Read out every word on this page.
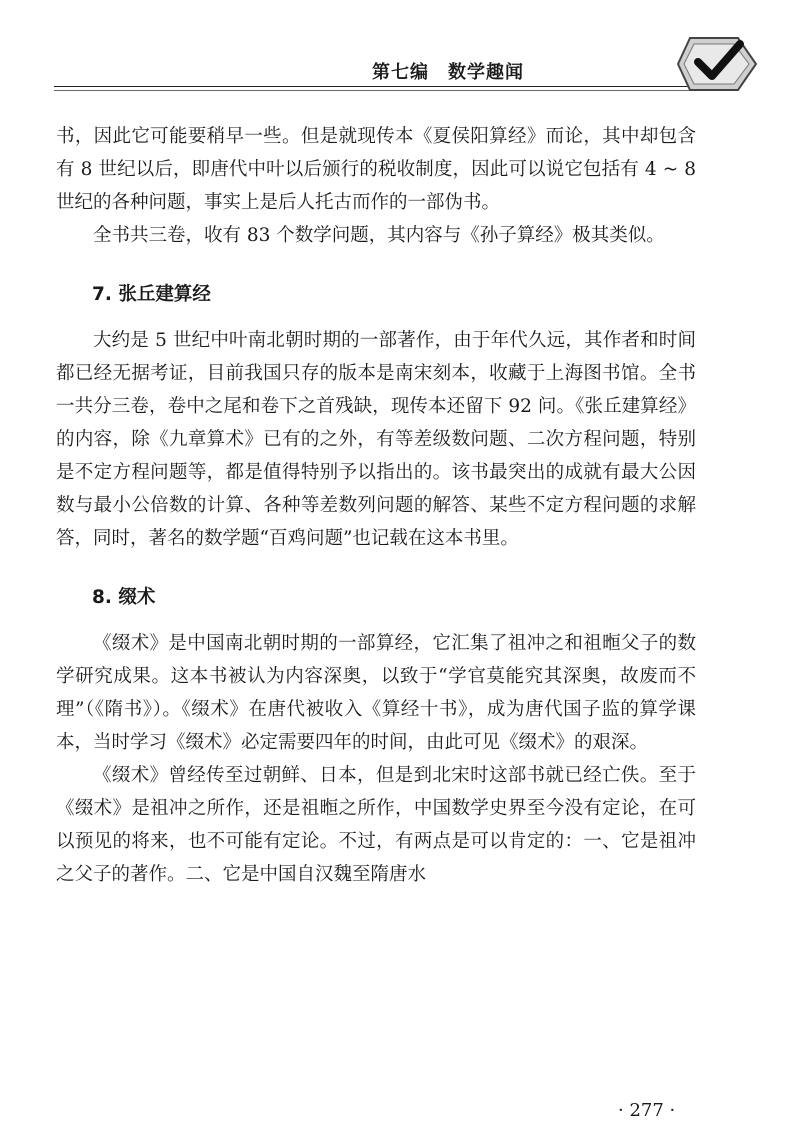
第七编　数学趣闻

书，因此它可能要稍早一些。但是就现传本《夏侯阳算经》而论，其中却包含有 8 世纪以后，即唐代中叶以后颁行的税收制度，因此可以说它包括有 4 ~ 8 世纪的各种问题，事实上是后人托古而作的一部伪书。

全书共三卷，收有 83 个数学问题，其内容与《孙子算经》极其类似。

7. 张丘建算经

大约是 5 世纪中叶南北朝时期的一部著作，由于年代久远，其作者和时间都已经无据考证，目前我国只存的版本是南宋刻本，收藏于上海图书馆。全书一共分三卷，卷中之尾和卷下之首残缺，现传本还留下 92 问。《张丘建算经》的内容，除《九章算术》已有的之外，有等差级数问题、二次方程问题，特别是不定方程问题等，都是值得特别予以指出的。该书最突出的成就有最大公因数与最小公倍数的计算、各种等差数列问题的解答、某些不定方程问题的求解答，同时，著名的数学题“百鸡问题”也记载在这本书里。

8. 缀术

《缀术》是中国南北朝时期的一部算经，它汇集了祖冲之和祖暅父子的数学研究成果。这本书被认为内容深奥，以致于“学官莫能究其深奥，故废而不理”（《隋书》）。《缀术》在唐代被收入《算经十书》，成为唐代国子监的算学课本，当时学习《缀术》必定需要四年的时间，由此可见《缀术》的艰深。

《缀术》曾经传至过朝鲜、日本，但是到北宋时这部书就已经亡佚。至于《缀术》是祖冲之所作，还是祖暅之所作，中国数学史界至今没有定论，在可以预见的将来，也不可能有定论。不过，有两点是可以肯定的：一、它是祖冲之父子的著作。二、它是中国自汉魏至隋唐水

· 277 ·
